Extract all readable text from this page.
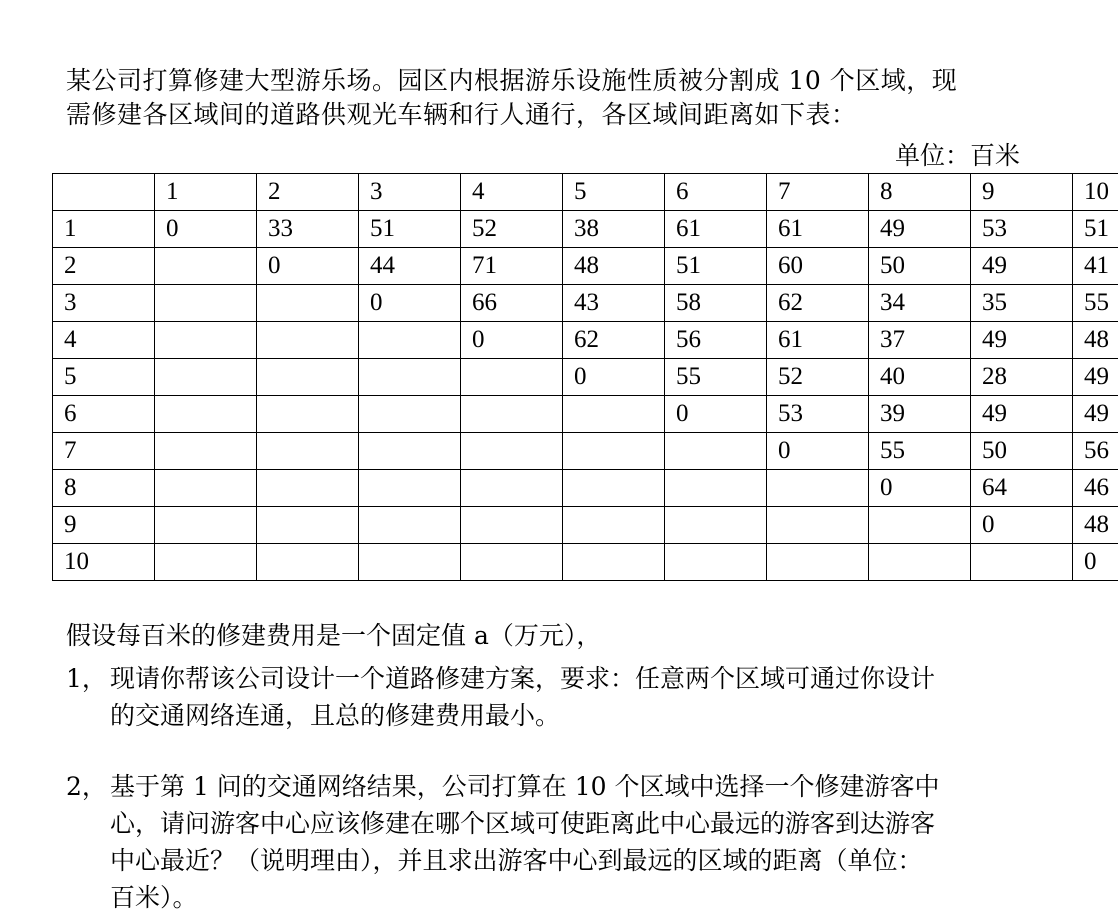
某公司打算修建大型游乐场。园区内根据游乐设施性质被分割成 10 个区域，现

需修建各区域间的道路供观光车辆和行人通行，各区域间距离如下表：

单位：百米
	1	2	3	4	5	6	7	8	9	10
1	0	33	51	52	38	61	61	49	53	51
2		0	44	71	48	51	60	50	49	41
3			0	66	43	58	62	34	35	55
4				0	62	56	61	37	49	48
5					0	55	52	40	28	49
6						0	53	39	49	49
7							0	55	50	56
8								0	64	46
9									0	48
10										0
假设每百米的修建费用是一个固定值 a（万元），
1， 现请你帮该公司设计一个道路修建方案，要求：任意两个区域可通过你设计
的交通网络连通，且总的修建费用最小。
2， 基于第 1 问的交通网络结果，公司打算在 10 个区域中选择一个修建游客中
心，请问游客中心应该修建在哪个区域可使距离此中心最远的游客到达游客
中心最近？（说明理由），并且求出游客中心到最远的区域的距离（单位：
百米）。
